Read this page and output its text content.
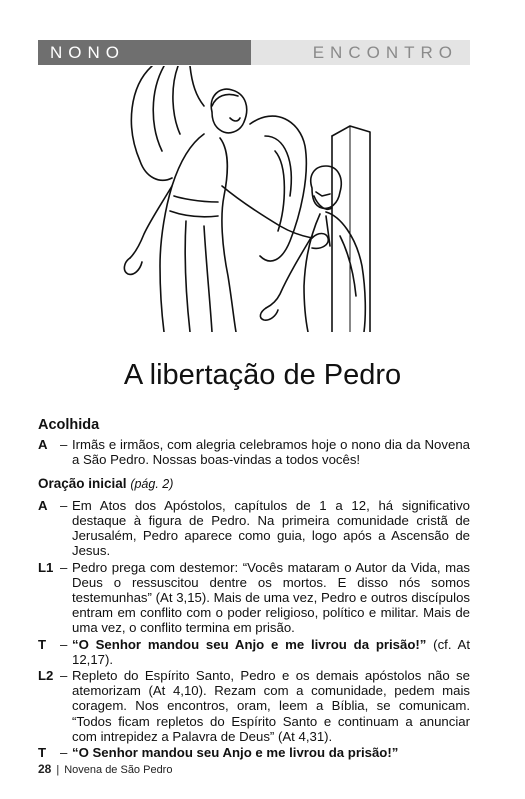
NONO	ENCONTRO
A libertação de Pedro
Acolhida
A – Irmãs e irmãos, com alegria celebramos hoje o nono dia da Novena a São Pedro. Nossas boas-vindas a todos vocês!
Oração inicial (pág. 2)
A – Em Atos dos Apóstolos, capítulos de 1 a 12, há significativo destaque à figura de Pedro. Na primeira comunidade cristã de Jerusalém, Pedro aparece como guia, logo após a Ascensão de Jesus.
L1 – Pedro prega com destemor: “Vocês mataram o Autor da Vida, mas Deus o ressuscitou dentre os mortos. E disso nós somos testemunhas” (At 3,15). Mais de uma vez, Pedro e outros discípulos entram em conflito com o poder religioso, político e militar. Mais de uma vez, o conflito termina em prisão.
T	– “O Senhor mandou seu Anjo e me livrou da prisão!” (cf. At 12,17).
L2 – Repleto do Espírito Santo, Pedro e os demais apóstolos não se atemorizam (At 4,10). Rezam com a comunidade, pedem mais coragem. Nos encontros, oram, leem a Bíblia, se comunicam. “Todos ficam repletos do Espírito Santo e continuam a anunciar com intrepidez a Palavra de Deus” (At 4,31).
T	– “O Senhor mandou seu Anjo e me livrou da prisão!”
28 | Novena de São Pedro
